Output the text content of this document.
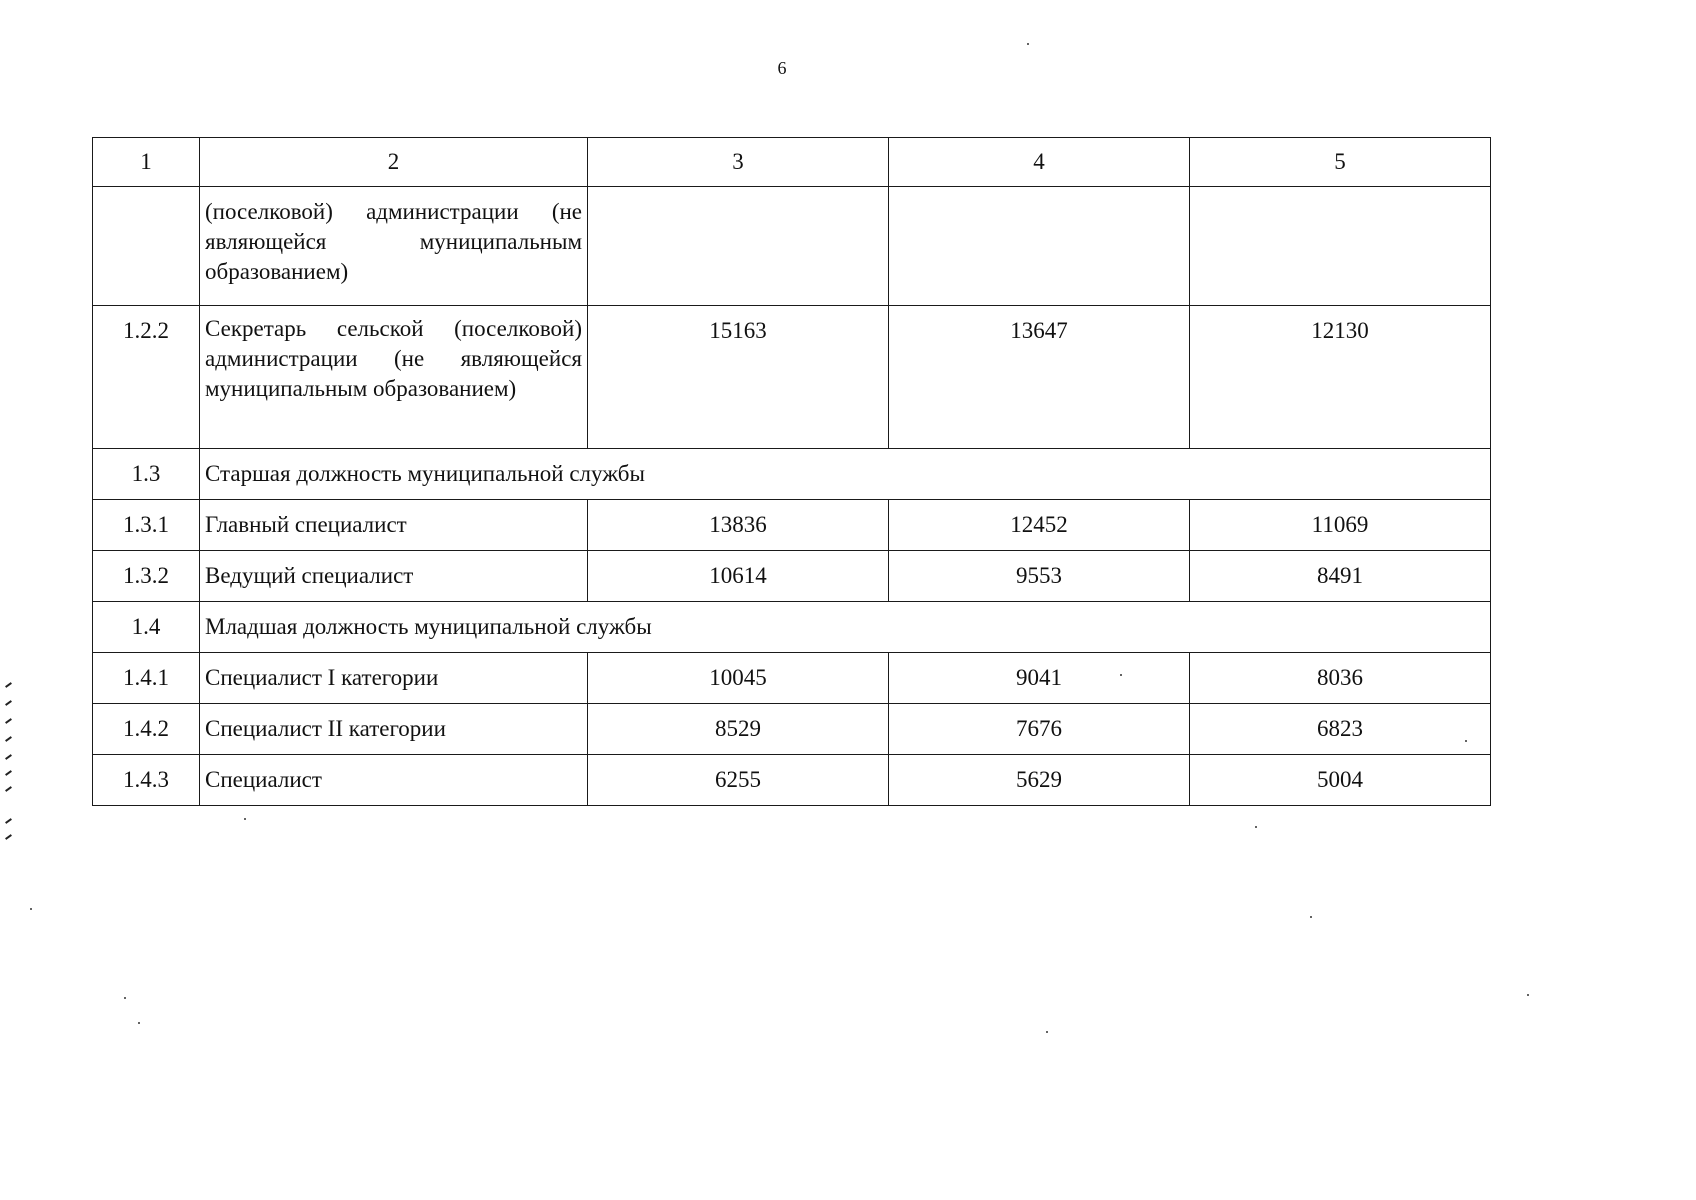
6
1	2	3	4	5
	(поселковой) администрации (не являющейся муниципальным образованием)			
1.2.2	Секретарь сельской (поселковой) администрации (не являющейся муниципальным образованием)	15163	13647	12130
1.3	Старшая должность муниципальной службы			
1.3.1	Главный специалист	13836	12452	11069
1.3.2	Ведущий специалист	10614	9553	8491
1.4	Младшая должность муниципальной службы			
1.4.1	Специалист I категории	10045	9041	8036
1.4.2	Специалист II категории	8529	7676	6823
1.4.3	Специалист	6255	5629	5004
